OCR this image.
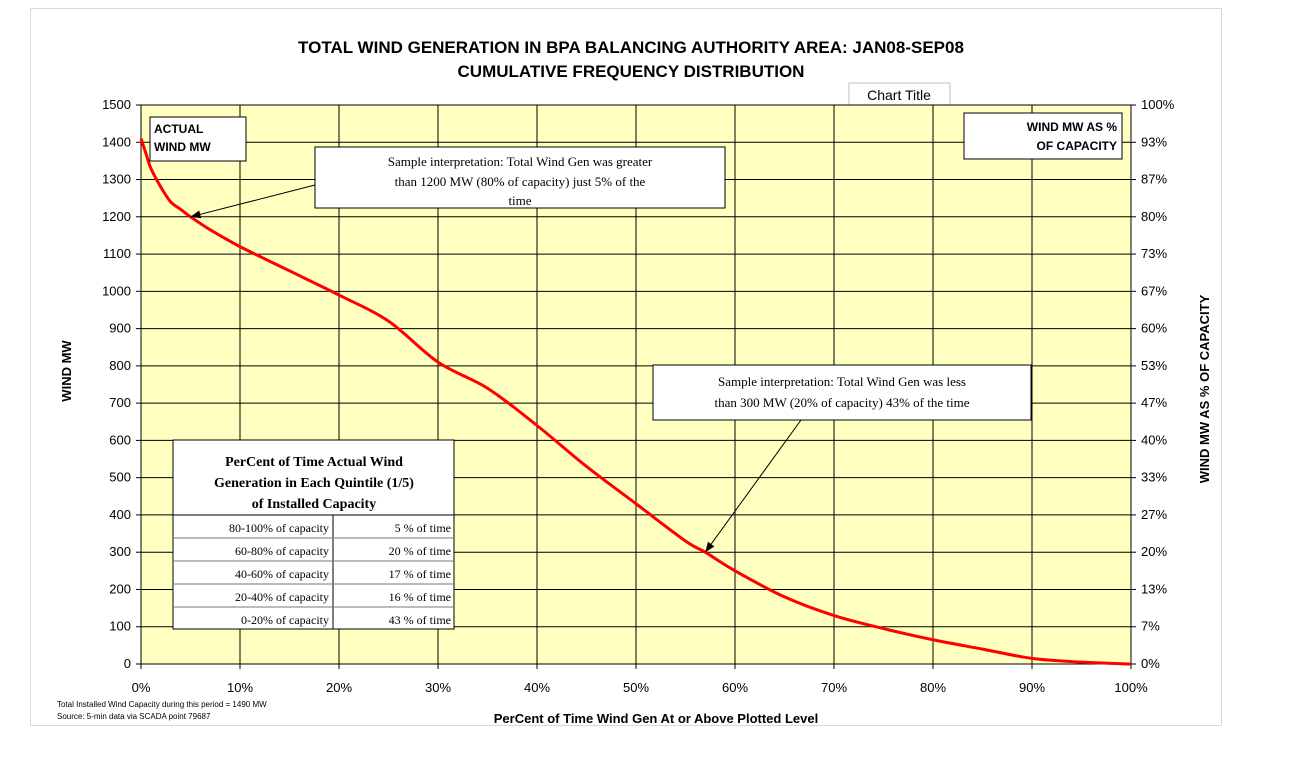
TOTAL WIND GENERATION IN BPA BALANCING AUTHORITY AREA: JAN08-SEP08
CUMULATIVE FREQUENCY DISTRIBUTION
Chart Title
0
100
200
300
400
500
600
700
800
900
1000
1100
1200
1300
1400
1500
0%
7%
13%
20%
27%
33%
40%
47%
53%
60%
67%
73%
80%
87%
93%
100%
0%	10%	20%	30%	40%	50%	60%	70%	80%	90%	100%
WIND MW	WIND MW AS % OF CAPACITY
PerCent of Time Wind Gen At or Above Plotted Level
ACTUAL
WIND MW
WIND MW AS %
OF CAPACITY
Sample interpretation: Total Wind Gen was greater
than 1200 MW (80% of capacity) just 5% of the
time
Sample interpretation: Total Wind Gen was less
than 300 MW (20% of capacity) 43% of the time
PerCent of Time Actual Wind
Generation in Each Quintile (1/5)
of Installed Capacity
80-100% of capacity	5 % of time
60-80% of capacity	20 % of time
40-60% of capacity	17 % of time
20-40% of capacity	16 % of time
0-20% of capacity	43 % of time
Total Installed Wind Capacity during this period = 1490 MW
Source: 5-min data via SCADA point 79687
